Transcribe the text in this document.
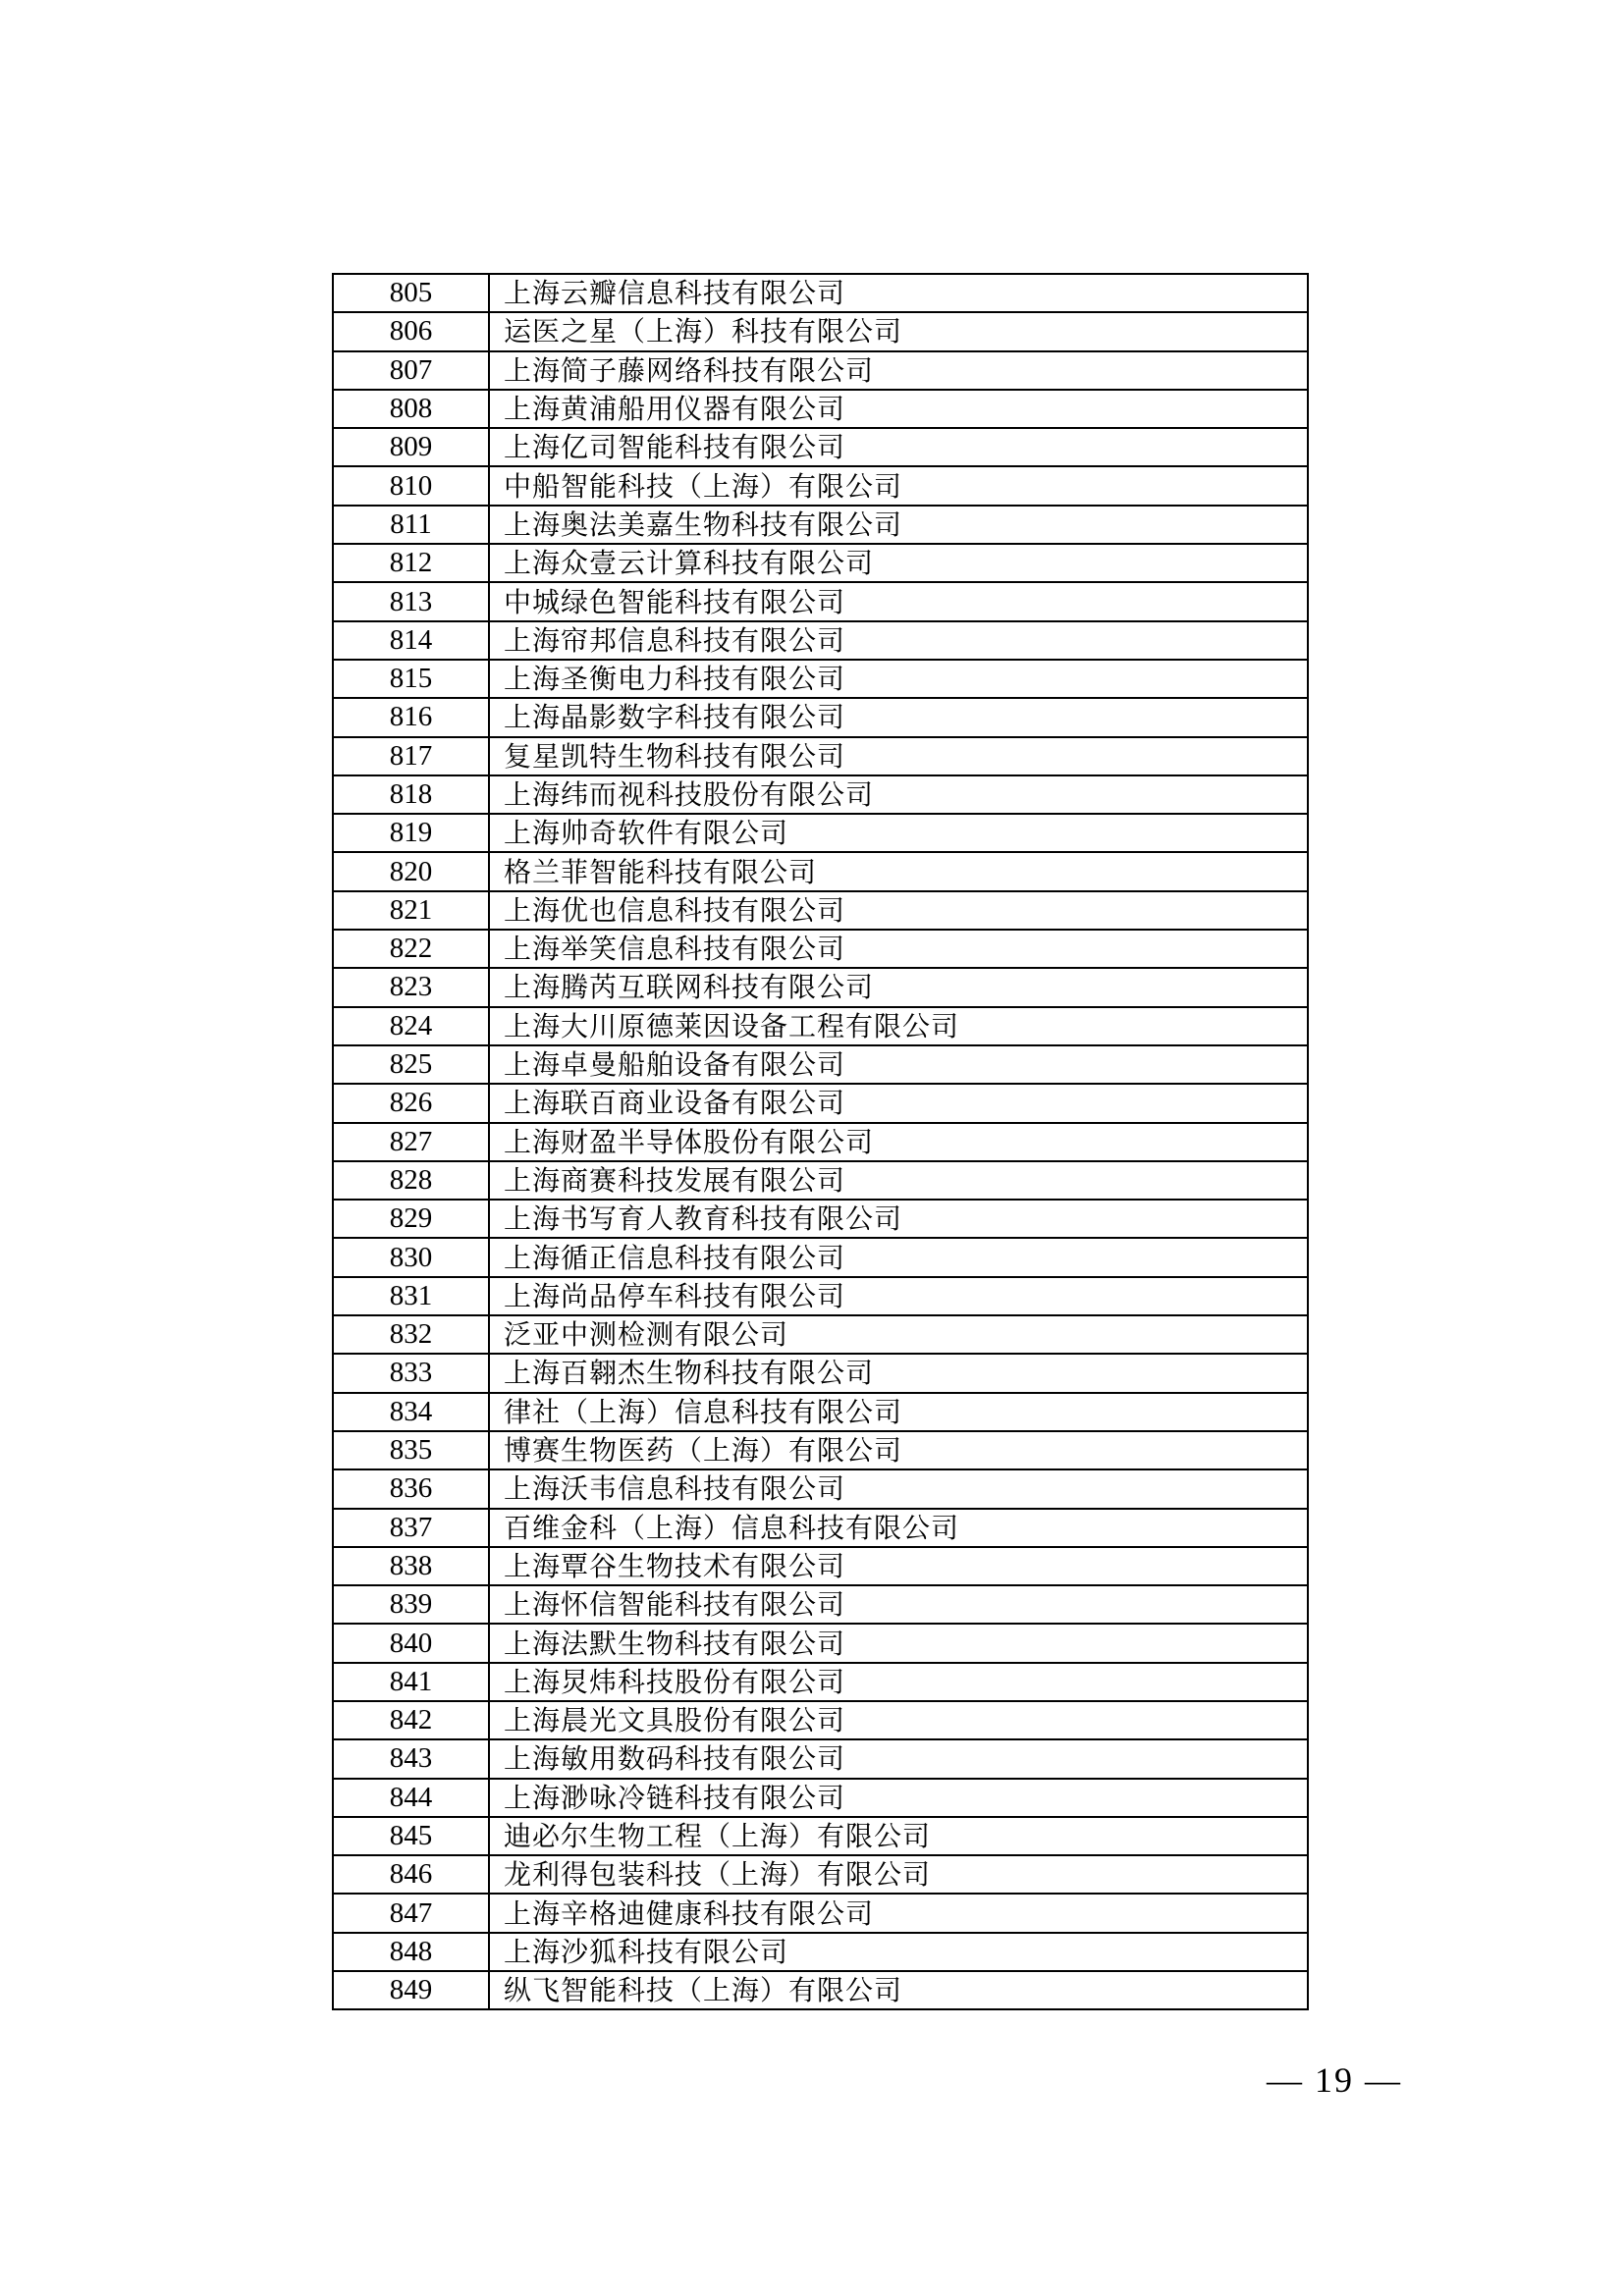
805	上海云瓣信息科技有限公司
806	运医之星（上海）科技有限公司
807	上海简子藤网络科技有限公司
808	上海黄浦船用仪器有限公司
809	上海亿司智能科技有限公司
810	中船智能科技（上海）有限公司
811	上海奥法美嘉生物科技有限公司
812	上海众壹云计算科技有限公司
813	中城绿色智能科技有限公司
814	上海帘邦信息科技有限公司
815	上海圣衡电力科技有限公司
816	上海晶影数字科技有限公司
817	复星凯特生物科技有限公司
818	上海纬而视科技股份有限公司
819	上海帅奇软件有限公司
820	格兰菲智能科技有限公司
821	上海优也信息科技有限公司
822	上海举笑信息科技有限公司
823	上海腾芮互联网科技有限公司
824	上海大川原德莱因设备工程有限公司
825	上海卓曼船舶设备有限公司
826	上海联百商业设备有限公司
827	上海财盈半导体股份有限公司
828	上海商赛科技发展有限公司
829	上海书写育人教育科技有限公司
830	上海循正信息科技有限公司
831	上海尚品停车科技有限公司
832	泛亚中测检测有限公司
833	上海百翱杰生物科技有限公司
834	律社（上海）信息科技有限公司
835	博赛生物医药（上海）有限公司
836	上海沃韦信息科技有限公司
837	百维金科（上海）信息科技有限公司
838	上海覃谷生物技术有限公司
839	上海怀信智能科技有限公司
840	上海法默生物科技有限公司
841	上海炅炜科技股份有限公司
842	上海晨光文具股份有限公司
843	上海敏用数码科技有限公司
844	上海渺咏冷链科技有限公司
845	迪必尔生物工程（上海）有限公司
846	龙利得包装科技（上海）有限公司
847	上海辛格迪健康科技有限公司
848	上海沙狐科技有限公司
849	纵飞智能科技（上海）有限公司
— 19 —
